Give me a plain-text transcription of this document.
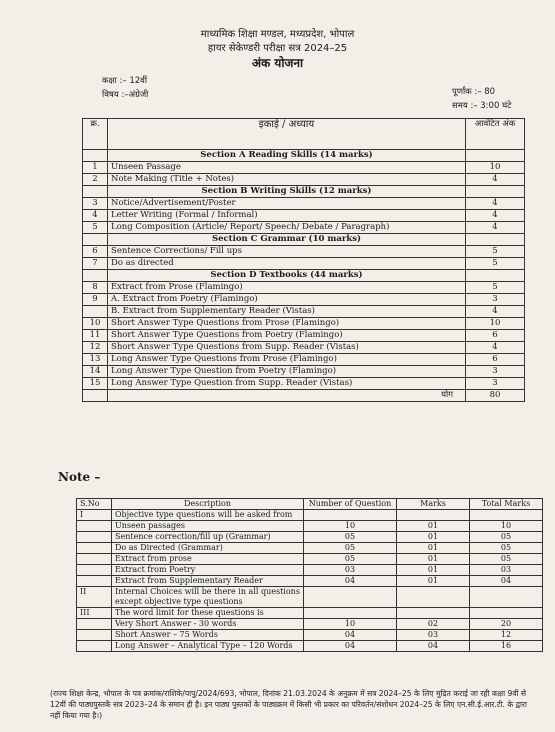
माध्यमिक शिक्षा मण्डल, मध्यप्रदेश, भोपाल
हायर सेकेण्डरी परीक्षा सत्र 2024–25
अंक योजना
कक्षा :– 12वीं
विषय :–अंग्रेजी	पूर्णांक :– 80
समय :– 3:00 घंटे
क्र.	इकाई / अध्याय	आवंटित अंक
	Section A Reading Skills (14 marks)	
1	Unseen Passage	10
2	Note Making (Title + Notes)	4
	Section B Writing Skills (12 marks)	
3	Notice/Advertisement/Poster	4
4	Letter Writing (Formal / Informal)	4
5	Long Composition (Article/ Report/ Speech/ Debate / Paragraph)	4
	Section C Grammar (10 marks)	
6	Sentence Corrections/ Fill ups	5
7	Do as directed	5
	Section D Textbooks (44 marks)	
8	Extract from Prose (Flamingo)	5
9	A. Extract from Poetry (Flamingo)	3
	B. Extract from Supplementary Reader (Vistas)	4
10	Short Answer Type Questions from Prose (Flamingo)	10
11	Short Answer Type Questions from Poetry (Flamingo)	6
12	Short Answer Type Questions from Supp. Reader (Vistas)	4
13	Long Answer Type Questions from Prose (Flamingo)	6
14	Long Answer Type Question from Poetry (Flamingo)	3
15	Long Answer Type Question from Supp. Reader (Vistas)	3
	योग	80
Note –
S.No	Description	Number of Question	Marks	Total Marks
I	Objective type questions will be asked from			
	Unseen passages	10	01	10
	Sentence correction/fill up (Grammar)	05	01	05
	Do as Directed (Grammar)	05	01	05
	Extract from prose	05	01	05
	Extract from Poetry	03	01	03
	Extract from Supplementary Reader	04	01	04
II	Internal Choices will be there in all questions except objective type questions			
III	The word limit for these questions is			
	Very Short Answer - 30 words	10	02	20
	Short Answer – 75 Words	04	03	12
	Long Answer – Analytical Type – 120 Words	04	04	16
(राज्य शिक्षा केन्द्र, भोपाल के पत्र क्रमांक/राशिके/पापु/2024/693, भोपाल, दिनांक 21.03.2024 के अनुक्रम में सत्र 2024–25 के लिए मुद्रित कराई जा रही कक्षा 9वीं से 12वीं की पाठ्यपुस्तकें सत्र 2023–24 के समान ही है। इन पाठ्य पुस्तकों के पाठ्यक्रम में किसी भी प्रकार का परिवर्तन/संशोधन 2024–25 के लिए एन.सी.ई.आर.टी. के द्वारा नहीं किया गया है।)
